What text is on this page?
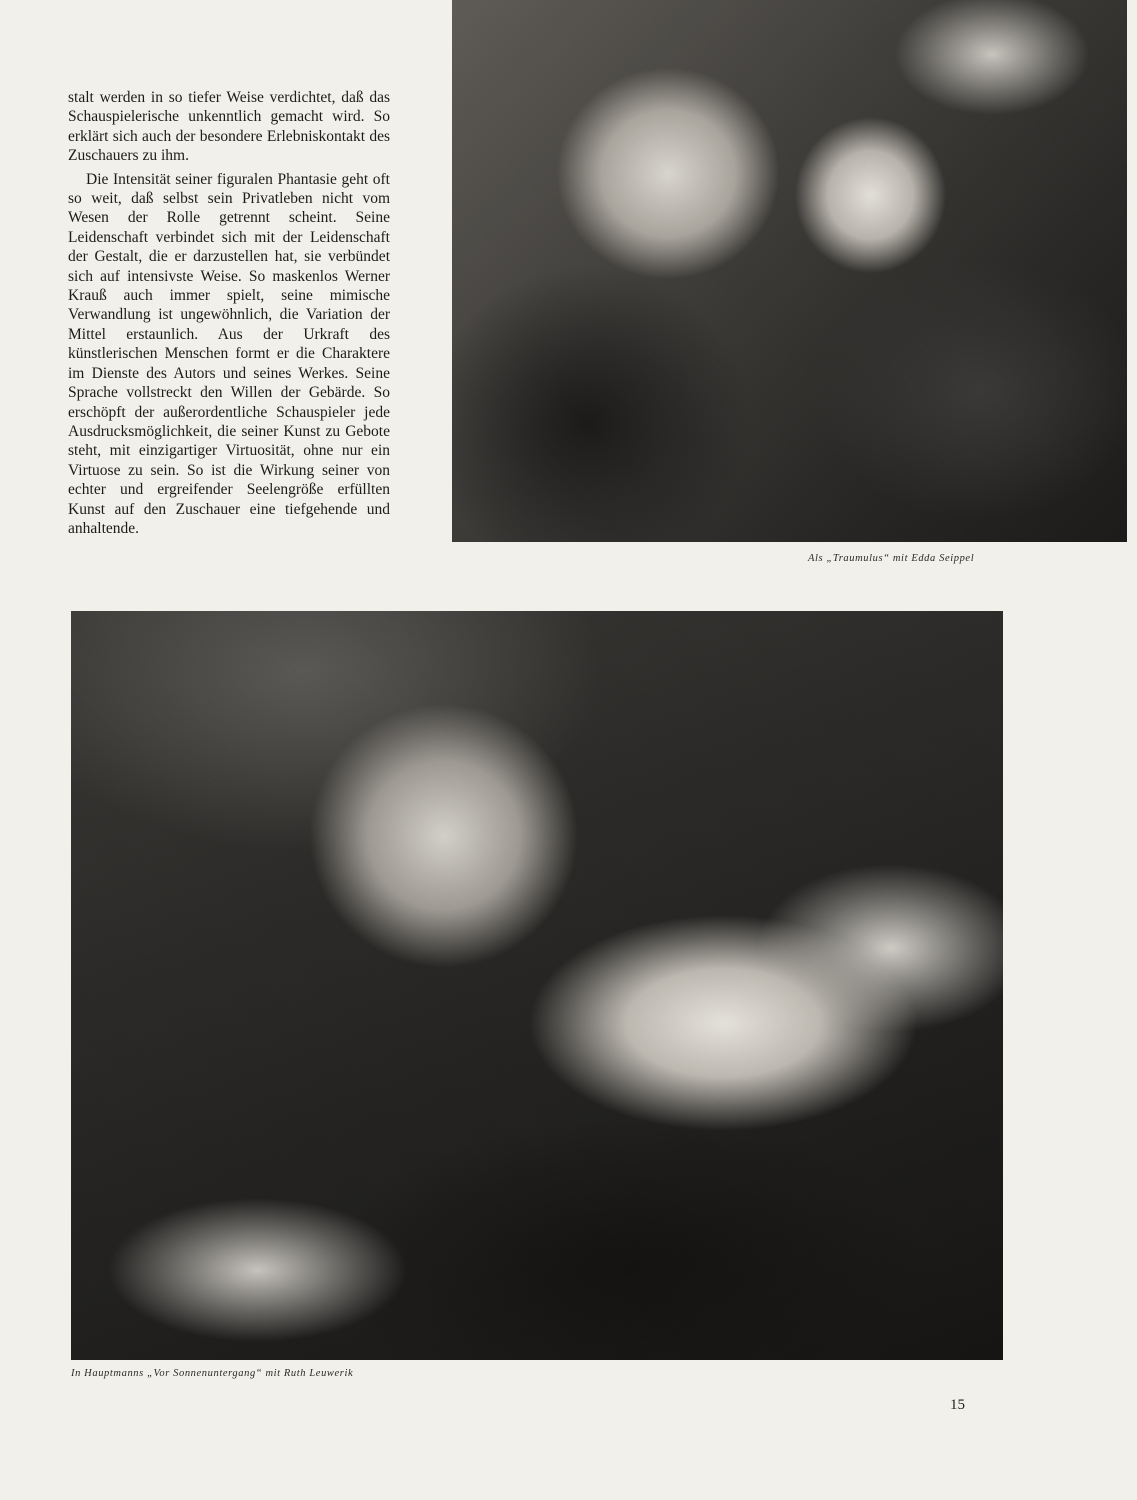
stalt werden in so tiefer Weise verdichtet, daß das Schauspielerische unkenntlich gemacht wird. So erklärt sich auch der besondere Erlebniskontakt des Zuschauers zu ihm.

Die Intensität seiner figuralen Phantasie geht oft so weit, daß selbst sein Privatleben nicht vom Wesen der Rolle getrennt scheint. Seine Leidenschaft verbindet sich mit der Leidenschaft der Gestalt, die er darzustellen hat, sie verbündet sich auf intensivste Weise. So maskenlos Werner Krauß auch immer spielt, seine mimische Verwandlung ist ungewöhnlich, die Variation der Mittel erstaunlich. Aus der Urkraft des künstlerischen Menschen formt er die Charaktere im Dienste des Autors und seines Werkes. Seine Sprache vollstreckt den Willen der Gebärde. So erschöpft der außerordentliche Schauspieler jede Ausdrucksmöglichkeit, die seiner Kunst zu Gebote steht, mit einzigartiger Virtuosität, ohne nur ein Virtuose zu sein. So ist die Wirkung seiner von echter und ergreifender Seelengröße erfüllten Kunst auf den Zuschauer eine tiefgehende und anhaltende.

Als „Traumulus“ mit Edda Seippel
In Hauptmanns „Vor Sonnenuntergang“ mit Ruth Leuwerik
15
